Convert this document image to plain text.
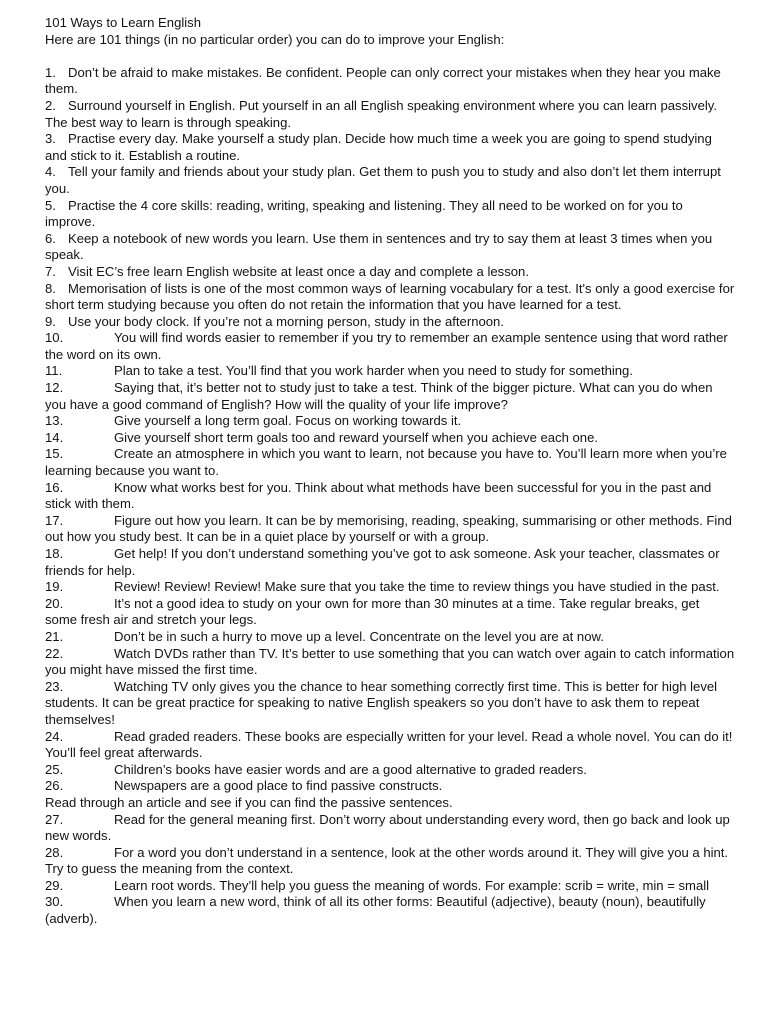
101 Ways to Learn English

Here are 101 things (in no particular order) you can do to improve your English:

1. Don’t be afraid to make mistakes. Be confident. People can only correct your mistakes when they hear you make them.

2. Surround yourself in English. Put yourself in an all English speaking environment where you can learn passively. The best way to learn is through speaking.

3. Practise every day. Make yourself a study plan. Decide how much time a week you are going to spend studying and stick to it. Establish a routine.

4. Tell your family and friends about your study plan. Get them to push you to study and also don’t let them interrupt you.

5. Practise the 4 core skills: reading, writing, speaking and listening. They all need to be worked on for you to improve.

6. Keep a notebook of new words you learn. Use them in sentences and try to say them at least 3 times when you speak.

7. Visit EC’s free learn English website at least once a day and complete a lesson.

8. Memorisation of lists is one of the most common ways of learning vocabulary for a test. It's only a good exercise for short term studying because you often do not retain the information that you have learned for a test.

9. Use your body clock. If you’re not a morning person, study in the afternoon.

10.	You will find words easier to remember if you try to remember an example sentence using that word rather the word on its own.

11.	Plan to take a test. You’ll find that you work harder when you need to study for something.

12.	Saying that, it’s better not to study just to take a test. Think of the bigger picture. What can you do when you have a good command of English? How will the quality of your life improve?

13.	Give yourself a long term goal. Focus on working towards it.

14.	Give yourself short term goals too and reward yourself when you achieve each one.

15.	Create an atmosphere in which you want to learn, not because you have to. You’ll learn more when you’re learning because you want to.

16.	Know what works best for you. Think about what methods have been successful for you in the past and stick with them.

17.	Figure out how you learn. It can be by memorising, reading, speaking, summarising or other methods. Find out how you study best. It can be in a quiet place by yourself or with a group.

18.	Get help! If you don’t understand something you’ve got to ask someone. Ask your teacher, classmates or friends for help.

19.	Review! Review! Review! Make sure that you take the time to review things you have studied in the past.

20.	It’s not a good idea to study on your own for more than 30 minutes at a time. Take regular breaks, get some fresh air and stretch your legs.

21.	Don’t be in such a hurry to move up a level. Concentrate on the level you are at now.

22.	Watch DVDs rather than TV. It’s better to use something that you can watch over again to catch information you might have missed the first time.

23.	Watching TV only gives you the chance to hear something correctly first time. This is better for high level students. It can be great practice for speaking to native English speakers so you don’t have to ask them to repeat themselves!

24.	Read graded readers. These books are especially written for your level. Read a whole novel. You can do it! You’ll feel great afterwards.

25.	Children’s books have easier words and are a good alternative to graded readers.

26.	Newspapers are a good place to find passive constructs.

Read through an article and see if you can find the passive sentences.

27.	Read for the general meaning first. Don’t worry about understanding every word, then go back and look up new words.

28.	For a word you don’t understand in a sentence, look at the other words around it. They will give you a hint. Try to guess the meaning from the context.

29.	Learn root words. They’ll help you guess the meaning of words. For example: scrib = write, min = small

30.	When you learn a new word, think of all its other forms: Beautiful (adjective), beauty (noun), beautifully (adverb).
